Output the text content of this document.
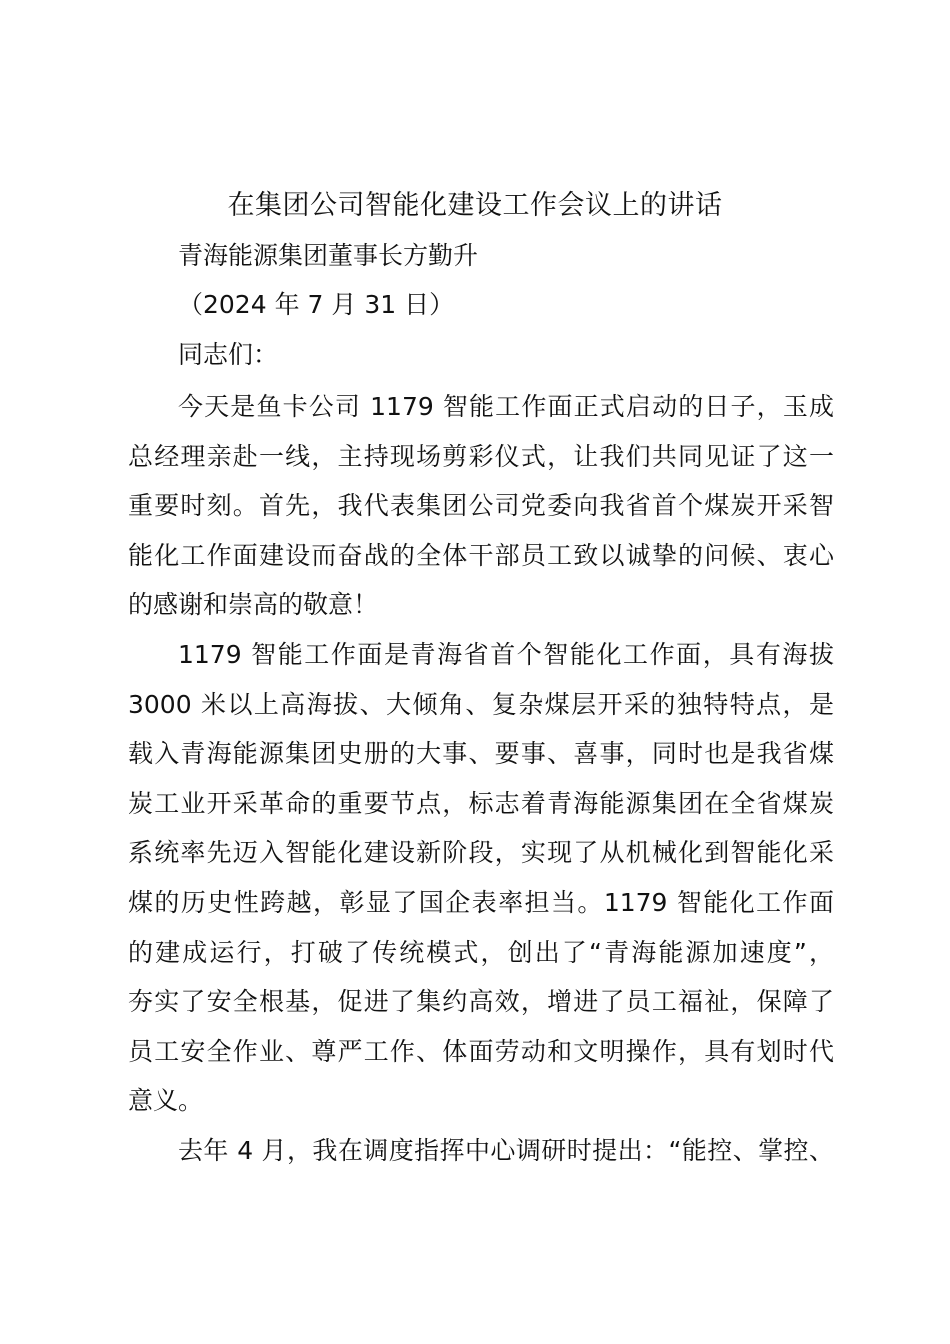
在集团公司智能化建设工作会议上的讲话
青海能源集团董事长方勤升
（2024 年 7 月 31 日）
同志们：
今天是鱼卡公司 1179 智能工作面正式启动的日子，玉成
总经理亲赴一线，主持现场剪彩仪式，让我们共同见证了这一
重要时刻。首先，我代表集团公司党委向我省首个煤炭开采智
能化工作面建设而奋战的全体干部员工致以诚挚的问候、衷心
的感谢和崇高的敬意！
1179 智能工作面是青海省首个智能化工作面，具有海拔
3000 米以上高海拔、大倾角、复杂煤层开采的独特特点，是
载入青海能源集团史册的大事、要事、喜事，同时也是我省煤
炭工业开采革命的重要节点，标志着青海能源集团在全省煤炭
系统率先迈入智能化建设新阶段，实现了从机械化到智能化采
煤的历史性跨越，彰显了国企表率担当。1179 智能化工作面
的建成运行，打破了传统模式，创出了“青海能源加速度”，
夯实了安全根基，促进了集约高效，增进了员工福祉，保障了
员工安全作业、尊严工作、体面劳动和文明操作，具有划时代
意义。
去年 4 月，我在调度指挥中心调研时提出：“能控、掌控、
